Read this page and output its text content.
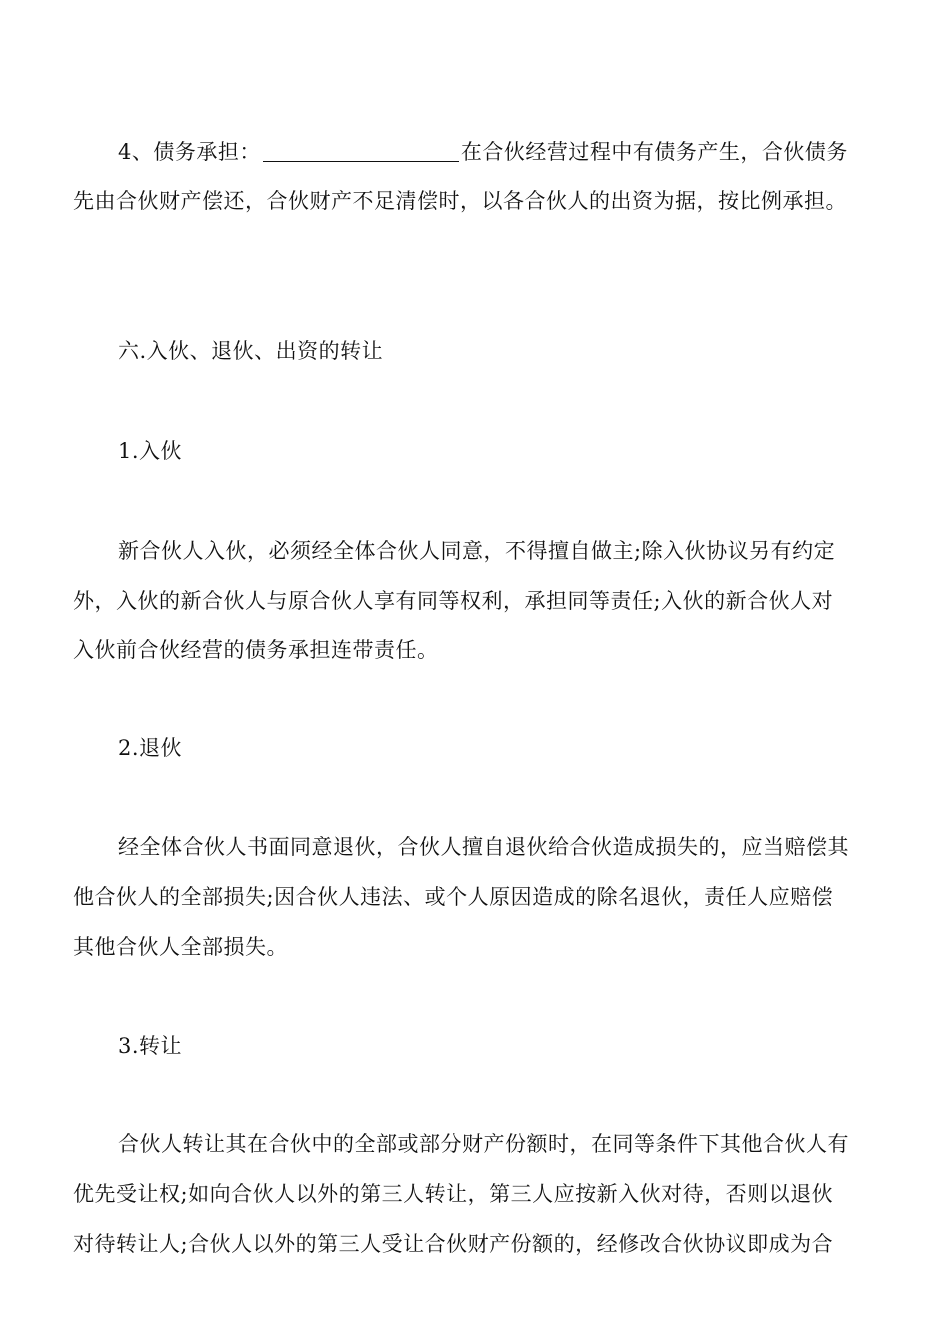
4、债务承担：	在合伙经营过程中有债务产生，合伙债务
先由合伙财产偿还，合伙财产不足清偿时，以各合伙人的出资为据，按比例承担。
六.入伙、退伙、出资的转让
1.入伙
新合伙人入伙，必须经全体合伙人同意，不得擅自做主;除入伙协议另有约定
外，入伙的新合伙人与原合伙人享有同等权利，承担同等责任;入伙的新合伙人对
入伙前合伙经营的债务承担连带责任。
2.退伙
经全体合伙人书面同意退伙，合伙人擅自退伙给合伙造成损失的，应当赔偿其
他合伙人的全部损失;因合伙人违法、或个人原因造成的除名退伙，责任人应赔偿
其他合伙人全部损失。
3.转让
合伙人转让其在合伙中的全部或部分财产份额时，在同等条件下其他合伙人有
优先受让权;如向合伙人以外的第三人转让，第三人应按新入伙对待，否则以退伙
对待转让人;合伙人以外的第三人受让合伙财产份额的，经修改合伙协议即成为合
